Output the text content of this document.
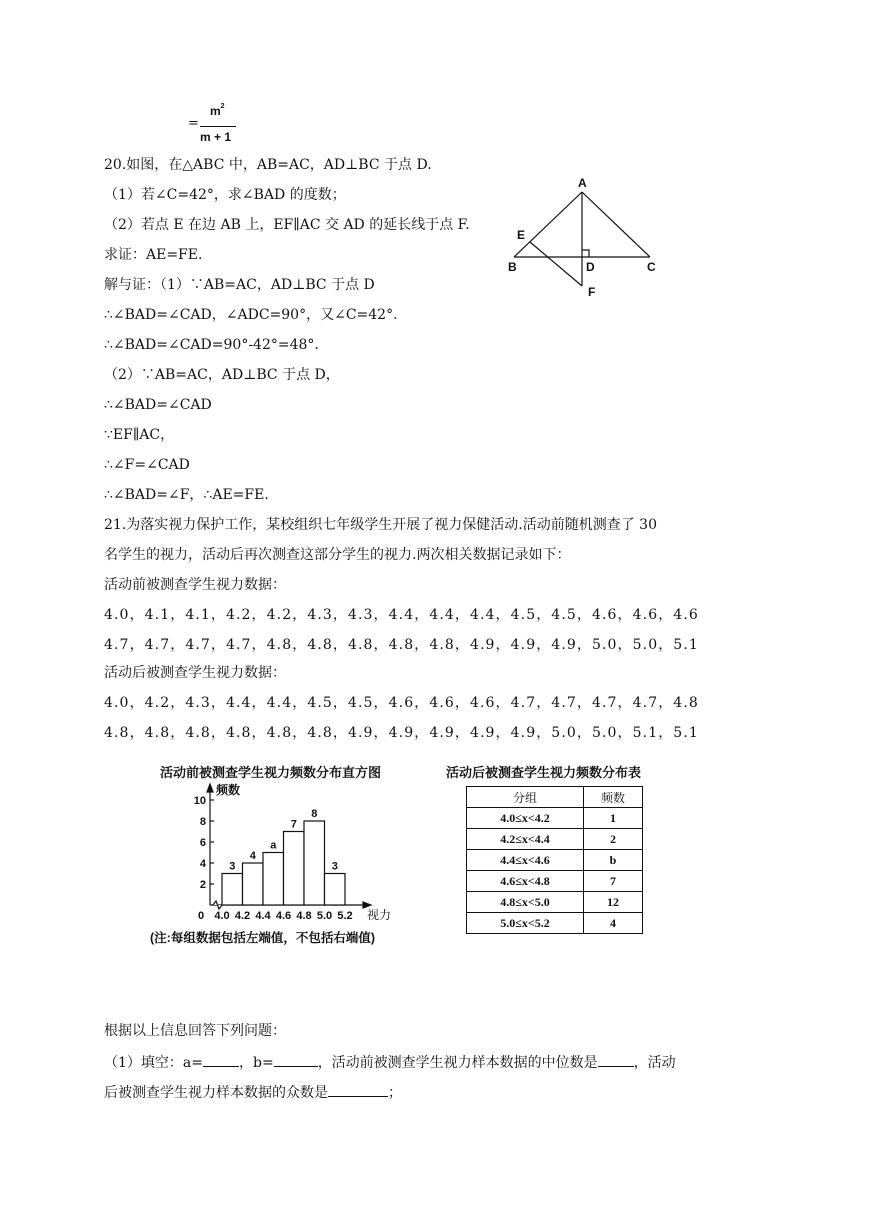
=
$m^2$
m + 1
20.如图，在△ABC 中，AB=AC，AD⊥BC 于点 D.
（1）若∠C=42°，求∠BAD 的度数；
（2）若点 E 在边 AB 上，EF∥AC 交 AD 的延长线于点 F.
求证：AE=FE.
解与证：（1）∵AB=AC，AD⊥BC 于点 D
∴∠BAD=∠CAD，∠ADC=90°，又∠C=42°.
∴∠BAD=∠CAD=90°-42°=48°.
（2）∵AB=AC，AD⊥BC 于点 D，
∴∠BAD=∠CAD
∵EF∥AC，
∴∠F=∠CAD
∴∠BAD=∠F，∴AE=FE.
A
B	C
D
E
F
21.为落实视力保护工作，某校组织七年级学生开展了视力保健活动.活动前随机测查了 30
名学生的视力，活动后再次测查这部分学生的视力.两次相关数据记录如下：
活动前被测查学生视力数据：
4.0，4.1，4.1，4.2，4.2，4.3，4.3，4.4，4.4，4.4，4.5，4.5，4.6，4.6，4.6
4.7，4.7，4.7，4.7，4.8，4.8，4.8，4.8，4.8，4.9，4.9，4.9，5.0，5.0，5.1
活动后被测查学生视力数据：
4.0，4.2，4.3，4.4，4.4，4.5，4.5，4.6，4.6，4.6，4.7，4.7，4.7，4.7，4.8
4.8，4.8，4.8，4.8，4.8，4.8，4.9，4.9，4.9，4.9，4.9，5.0，5.0，5.1，5.1
活动前被测查学生视力频数分布直方图
2
4
6
8
10
3
4
a
7
8
3
4.0 4.2 4.4 4.6 4.8 5.0 5.2
0	视力
频数
(注:每组数据包括左端值，不包括右端值)
活动后被测查学生视力频数分布表
分组	频数
4.0≤x<4.2	1
4.2≤x<4.4	2
4.4≤x<4.6	b
4.6≤x<4.8	7
4.8≤x<5.0	12
5.0≤x<5.2	4
根据以上信息回答下列问题：
（1）填空：a=	，b=	，活动前被测查学生视力样本数据的中位数是	，活动
后被测查学生视力样本数据的众数是	；
